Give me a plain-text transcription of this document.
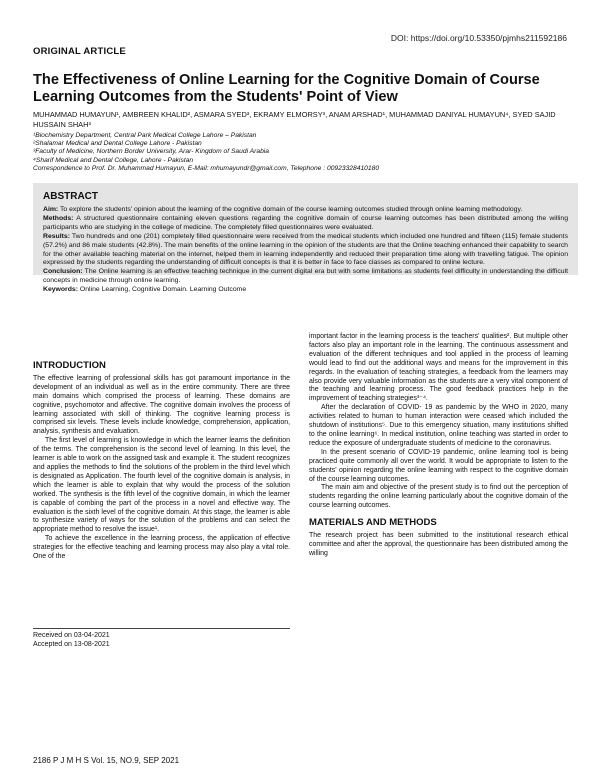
DOI: https://doi.org/10.53350/pjmhs211592186
ORIGINAL ARTICLE
The Effectiveness of Online Learning for the Cognitive Domain of Course Learning Outcomes from the Students' Point of View
MUHAMMAD HUMAYUN¹, AMBREEN KHALID², ASMARA SYED³, EKRAMY ELMORSY³, ANAM ARSHAD¹, MUHAMMAD DANIYAL HUMAYUN⁴, SYED SAJID HUSSAIN SHAH³
¹Biochemistry Department, Central Park Medical College Lahore – Pakistan
²Shalamar Medical and Dental College Lahore - Pakistan
³Faculty of Medicine, Northern Border University, Arar- Kingdom of Saudi Arabia
⁴Sharif Medical and Dental College, Lahore - Pakistan
Correspondence to Prof. Dr. Muhammad Humayun, E-Mail: mhumayundr@gmail.com, Telephone : 00923328410180
ABSTRACT

Aim: To explore the students' opinion about the learning of the cognitive domain of the course learning outcomes studied through online learning methodology.

Methods: A structured questionnaire containing eleven questions regarding the cognitive domain of course learning outcomes has been distributed among the willing participants who are studying in the college of medicine. The completely filled questionnaires were evaluated.

Results: Two hundreds and one (201) completely filled questionnaire were received from the medical students which included one hundred and fifteen (115) female students (57.2%) and 86 male students (42.8%). The main benefits of the online learning in the opinion of the students are that the Online teaching enhanced their capability to search for the other available teaching material on the internet, helped them in learning independently and reduced their preparation time along with travelling fatigue. The opinion expressed by the students regarding the understanding of difficult concepts is that it is better in face to face classes as compared to online lecture.

Conclusion: The Online learning is an effective teaching technique in the current digital era but with some limitations as students feel difficulty in understanding the difficult concepts in medicine through online learning.

Keywords: Online Learning, Cognitive Domain. Learning Outcome

INTRODUCTION

The effective learning of professional skills has got paramount importance in the development of an individual as well as in the entire community. There are three main domains which comprised the process of learning. These domains are cognitive, psychomotor and affective. The cognitive domain involves the process of learning associated with skill of thinking. The cognitive learning process is comprised six levels. These levels include knowledge, comprehension, application, analysis, synthesis and evaluation.

The first level of learning is knowledge in which the learner learns the definition of the terms. The comprehension is the second level of learning. In this level, the learner is able to work on the assigned task and example it. The student recognizes and applies the methods to find the solutions of the problem in the third level which is designated as Application. The fourth level of the cognitive domain is analysis, in which the learner is able to explain that why would the process of the solution worked. The synthesis is the fifth level of the cognitive domain, in which the learner is capable of combing the part of the process in a novel and effective way. The evaluation is the sixth level of the cognitive domain. At this stage, the learner is able to synthesize variety of ways for the solution of the problems and can select the appropriate method to resolve the issue¹.

To achieve the excellence in the learning process, the application of effective strategies for the effective teaching and learning process may also play a vital role. One of the

Received on 03-04-2021
Accepted on 13-08-2021

important factor in the learning process is the teachers' qualities². But multiple other factors also play an important role in the learning. The continuous assessment and evaluation of the different techniques and tool applied in the process of learning would lead to find out the additional ways and means for the improvement in this regards. In the evaluation of teaching strategies, a feedback from the learners may also provide very valuable information as the students are a very vital component of the teaching and learning process. The good feedback practices help in the improvement of teaching strategies³⁻⁴.

After the declaration of COVID- 19 as pandemic by the WHO in 2020, many activities related to human to human interaction were ceased which included the shutdown of institutions⁵. Due to this emergency situation, many institutions shifted to the online learning⁶. In medical institution, online teaching was started in order to reduce the exposure of undergraduate students of medicine to the coronavirus.

In the present scenario of COVID-19 pandemic, online learning tool is being practiced quite commonly all over the world. It would be appropriate to listen to the students' opinion regarding the online learning with respect to the cognitive domain of the course learning outcomes.

The main aim and objective of the present study is to find out the perception of students regarding the online learning particularly about the cognitive domain of the course learning outcomes.

MATERIALS AND METHODS

The research project has been submitted to the institutional research ethical committee and after the approval, the questionnaire has been distributed among the willing

2186 P J M H S Vol. 15, NO.9, SEP 2021
